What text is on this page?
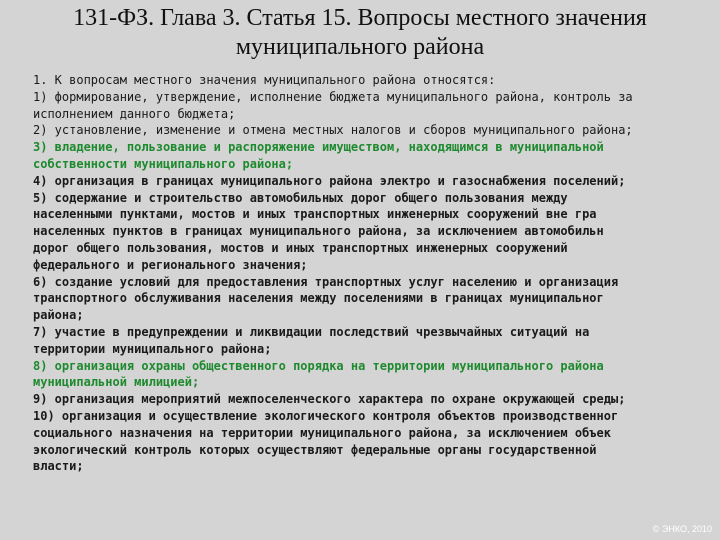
131-ФЗ. Глава 3. Статья 15. Вопросы местного значения
муниципального района
1. К вопросам местного значения муниципального района относятся:
1) формирование, утверждение, исполнение бюджета муниципального района, контроль за
исполнением данного бюджета;
2) установление, изменение и отмена местных налогов и сборов муниципального района;
3) владение, пользование и распоряжение имуществом, находящимся в муниципальной
собственности муниципального района;
4) организация в границах муниципального района электро и газоснабжения поселений;
5) содержание и строительство автомобильных дорог общего пользования между
населенными пунктами, мостов и иных транспортных инженерных сооружений вне гра
населенных пунктов в границах муниципального района, за исключением автомобильн
дорог общего пользования, мостов и иных транспортных инженерных сооружений
федерального и регионального значения;
6) создание условий для предоставления транспортных услуг населению и организация
транспортного обслуживания населения между поселениями в границах муниципальног
района;
7) участие в предупреждении и ликвидации последствий чрезвычайных ситуаций на
территории муниципального района;
8) организация охраны общественного порядка на территории муниципального района
муниципальной милицией;
9) организация мероприятий межпоселенческого характера по охране окружающей среды;
10) организация и осуществление экологического контроля объектов производственног
социального назначения на территории муниципального района, за исключением объек
экологический контроль которых осуществляют федеральные органы государственной
власти;
© ЭНКО, 2010
